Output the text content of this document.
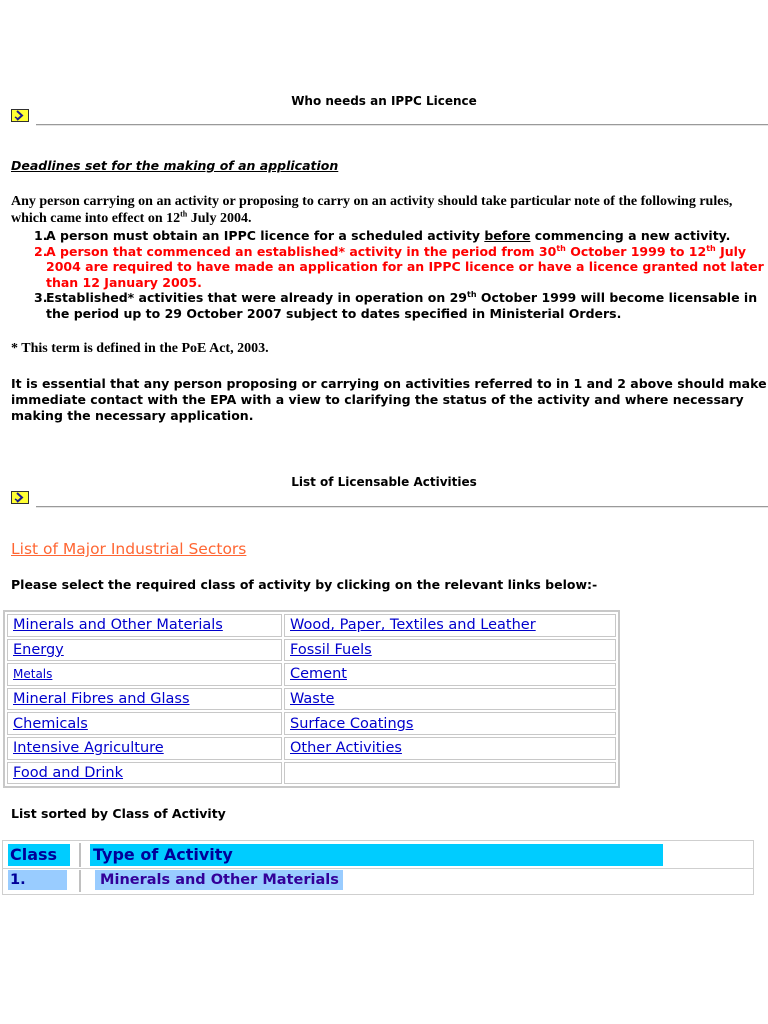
Who needs an IPPC Licence
Deadlines set for the making of an application
Any person carrying on an activity or proposing to carry on an activity should take particular note of the following rules, which came into effect on 12th July 2004.
1.
A person must obtain an IPPC licence for a scheduled activity before commencing a new activity.
2.
A person that commenced an established* activity in the period from 30th October 1999 to 12th July 2004 are required to have made an application for an IPPC licence or have a licence granted not later than 12 January 2005.
3.
Established* activities that were already in operation on 29th October 1999 will become licensable in the period up to 29 October 2007 subject to dates specified in Ministerial Orders.
* This term is defined in the PoE Act, 2003.
It is essential that any person proposing or carrying on activities referred to in 1 and 2 above should make immediate contact with the EPA with a view to clarifying the status of the activity and where necessary making the necessary application.
List of Licensable Activities
List of Major Industrial Sectors
Please select the required class of activity by clicking on the relevant links below:-
Minerals and Other Materials	Wood, Paper, Textiles and Leather
Energy	Fossil Fuels
Metals	Cement
Mineral Fibres and Glass	Waste
Chemicals	Surface Coatings
Intensive Agriculture	Other Activities
Food and Drink	
List sorted by Class of Activity
Class	Type of Activity
1.	Minerals and Other Materials
